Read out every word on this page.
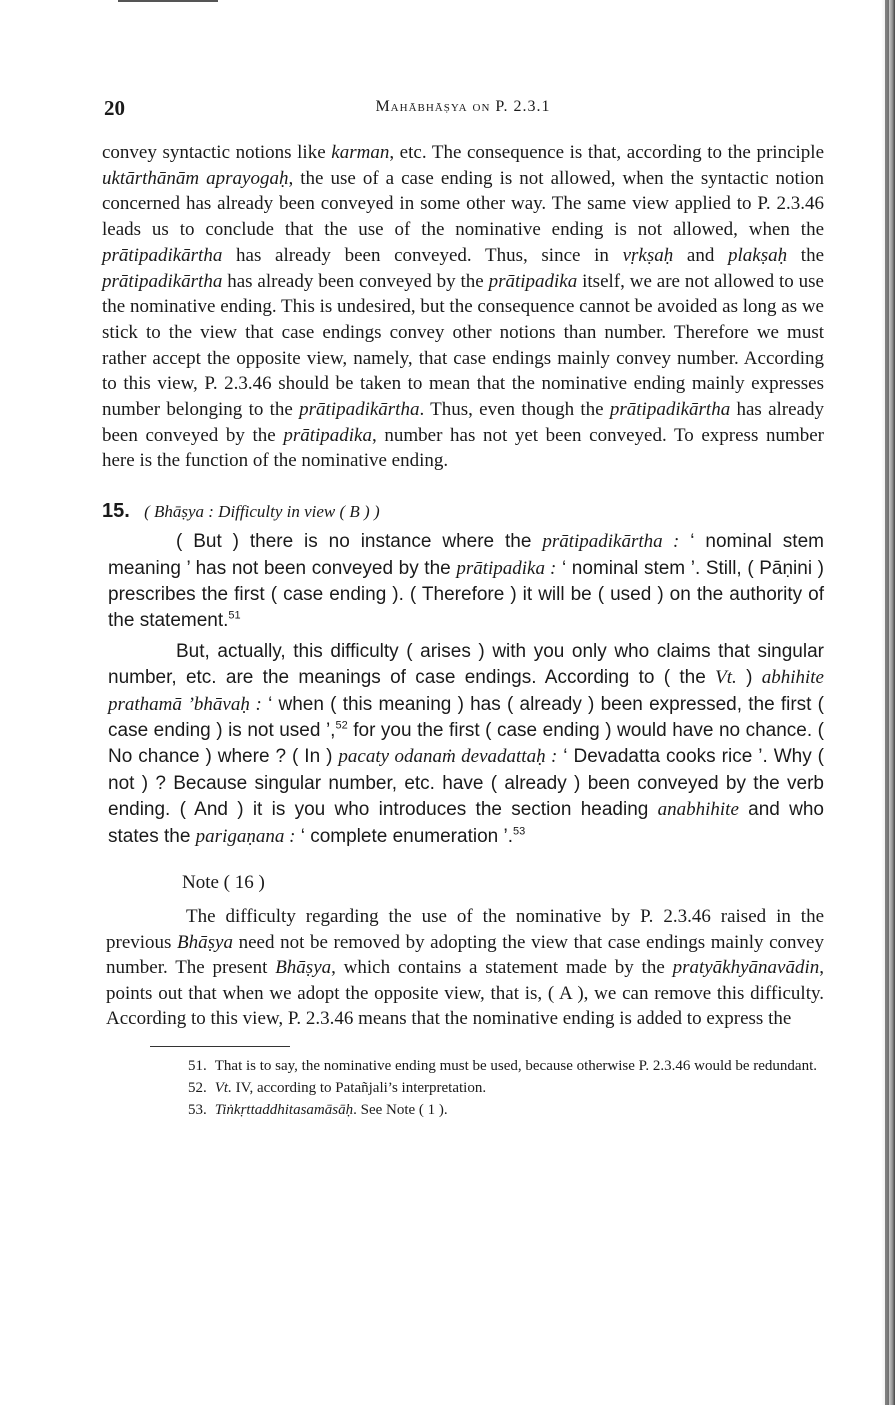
20	Mahābhāṣya on P. 2.3.1

convey syntactic notions like karman, etc. The consequence is that, according to the principle uktārthānām aprayogaḥ, the use of a case ending is not allowed, when the syntactic notion concerned has already been conveyed in some other way. The same view applied to P. 2.3.46 leads us to conclude that the use of the nominative ending is not allowed, when the prātipadikārtha has already been conveyed. Thus, since in vṛkṣaḥ and plakṣaḥ the prātipadikārtha has already been conveyed by the prātipadika itself, we are not allowed to use the nominative ending. This is undesired, but the consequence cannot be avoided as long as we stick to the view that case endings convey other notions than number. Therefore we must rather accept the opposite view, namely, that case endings mainly convey number. According to this view, P. 2.3.46 should be taken to mean that the nominative ending mainly expresses number belonging to the prātipadikārtha. Thus, even though the prātipadikārtha has already been conveyed by the prātipadika, number has not yet been conveyed. To express number here is the function of the nominative ending.

15. ( Bhāṣya : Difficulty in view ( B ) )

( But ) there is no instance where the prātipadikārtha : ‘ nominal stem meaning ’ has not been conveyed by the prātipadika : ‘ nominal stem ’. Still, ( Pāṇini ) prescribes the first ( case ending ). ( Therefore ) it will be ( used ) on the authority of the statement.$^{51}$

But, actually, this difficulty ( arises ) with you only who claims that singular number, etc. are the meanings of case endings. According to ( the Vt. ) abhihite prathamā ’bhāvaḥ : ‘ when ( this meaning ) has ( already ) been expressed, the first ( case ending ) is not used ’,$^{52}$ for you the first ( case ending ) would have no chance. ( No chance ) where ? ( In ) pacaty odanaṁ devadattaḥ : ‘ Devadatta cooks rice ’. Why ( not ) ? Because singular number, etc. have ( already ) been conveyed by the verb ending. ( And ) it is you who introduces the section heading anabhihite and who states the parigaṇana : ‘ complete enumeration ’.$^{53}$

Note ( 16 )

The difficulty regarding the use of the nominative by P. 2.3.46 raised in the previous Bhāṣya need not be removed by adopting the view that case endings mainly convey number. The present Bhāṣya, which contains a statement made by the pratyākhyānavādin, points out that when we adopt the opposite view, that is, ( A ), we can remove this difficulty. According to this view, P. 2.3.46 means that the nominative ending is added to express the

51. That is to say, the nominative ending must be used, because otherwise P. 2.3.46 would be redundant.

52. Vt. IV, according to Patañjali’s interpretation.

53. Tiṅkṛttaddhitasamāsāḥ. See Note ( 1 ).
